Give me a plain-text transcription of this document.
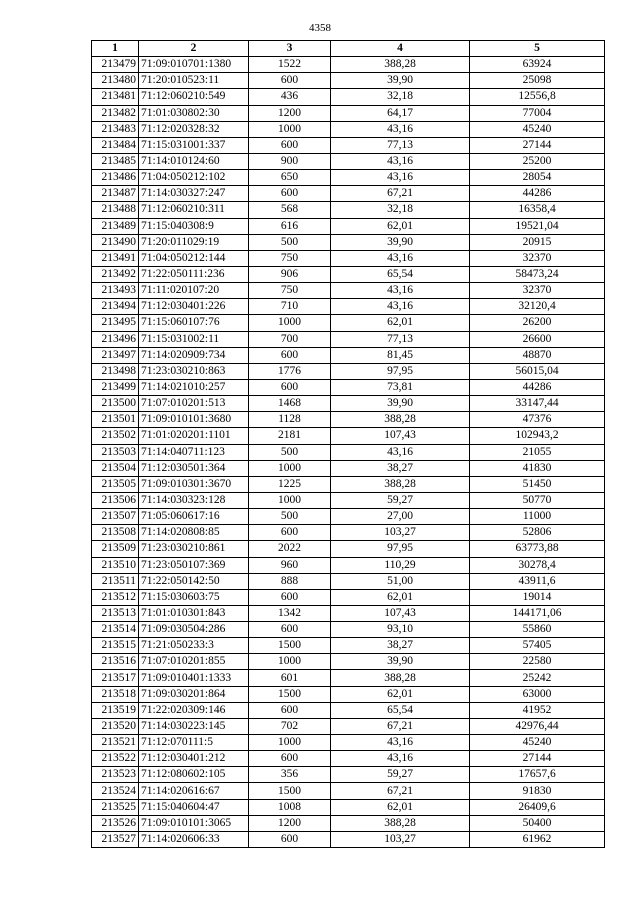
4358
1	2	3	4	5
213479	71:09:010701:1380	1522	388,28	63924
213480	71:20:010523:11	600	39,90	25098
213481	71:12:060210:549	436	32,18	12556,8
213482	71:01:030802:30	1200	64,17	77004
213483	71:12:020328:32	1000	43,16	45240
213484	71:15:031001:337	600	77,13	27144
213485	71:14:010124:60	900	43,16	25200
213486	71:04:050212:102	650	43,16	28054
213487	71:14:030327:247	600	67,21	44286
213488	71:12:060210:311	568	32,18	16358,4
213489	71:15:040308:9	616	62,01	19521,04
213490	71:20:011029:19	500	39,90	20915
213491	71:04:050212:144	750	43,16	32370
213492	71:22:050111:236	906	65,54	58473,24
213493	71:11:020107:20	750	43,16	32370
213494	71:12:030401:226	710	43,16	32120,4
213495	71:15:060107:76	1000	62,01	26200
213496	71:15:031002:11	700	77,13	26600
213497	71:14:020909:734	600	81,45	48870
213498	71:23:030210:863	1776	97,95	56015,04
213499	71:14:021010:257	600	73,81	44286
213500	71:07:010201:513	1468	39,90	33147,44
213501	71:09:010101:3680	1128	388,28	47376
213502	71:01:020201:1101	2181	107,43	102943,2
213503	71:14:040711:123	500	43,16	21055
213504	71:12:030501:364	1000	38,27	41830
213505	71:09:010301:3670	1225	388,28	51450
213506	71:14:030323:128	1000	59,27	50770
213507	71:05:060617:16	500	27,00	11000
213508	71:14:020808:85	600	103,27	52806
213509	71:23:030210:861	2022	97,95	63773,88
213510	71:23:050107:369	960	110,29	30278,4
213511	71:22:050142:50	888	51,00	43911,6
213512	71:15:030603:75	600	62,01	19014
213513	71:01:010301:843	1342	107,43	144171,06
213514	71:09:030504:286	600	93,10	55860
213515	71:21:050233:3	1500	38,27	57405
213516	71:07:010201:855	1000	39,90	22580
213517	71:09:010401:1333	601	388,28	25242
213518	71:09:030201:864	1500	62,01	63000
213519	71:22:020309:146	600	65,54	41952
213520	71:14:030223:145	702	67,21	42976,44
213521	71:12:070111:5	1000	43,16	45240
213522	71:12:030401:212	600	43,16	27144
213523	71:12:080602:105	356	59,27	17657,6
213524	71:14:020616:67	1500	67,21	91830
213525	71:15:040604:47	1008	62,01	26409,6
213526	71:09:010101:3065	1200	388,28	50400
213527	71:14:020606:33	600	103,27	61962
